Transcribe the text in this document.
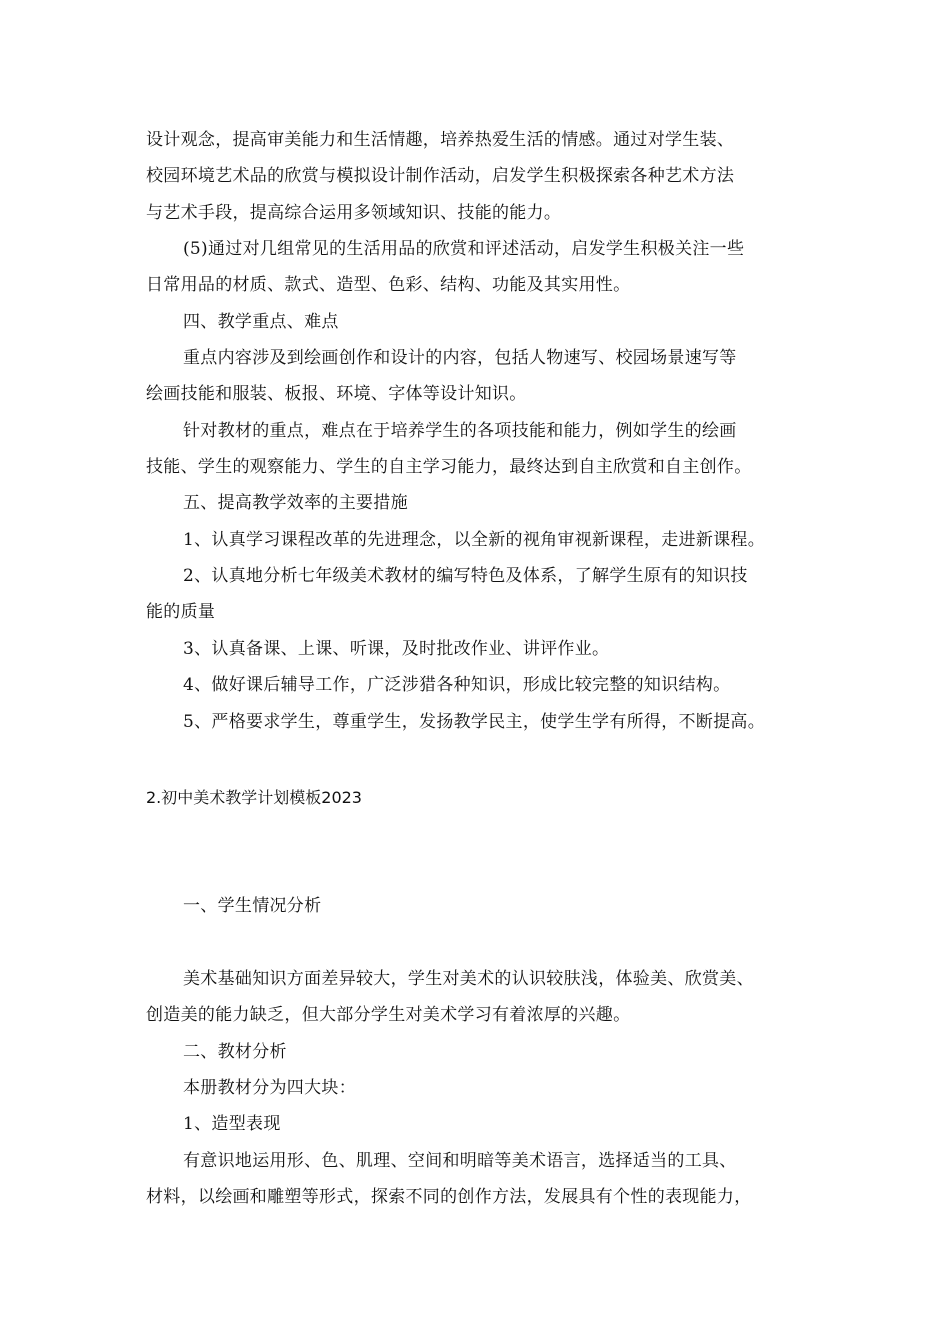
设计观念，提高审美能力和生活情趣，培养热爱生活的情感。通过对学生装、
校园环境艺术品的欣赏与模拟设计制作活动，启发学生积极探索各种艺术方法
与艺术手段，提高综合运用多领域知识、技能的能力。
(5)通过对几组常见的生活用品的欣赏和评述活动，启发学生积极关注一些
日常用品的材质、款式、造型、色彩、结构、功能及其实用性。
四、教学重点、难点
重点内容涉及到绘画创作和设计的内容，包括人物速写、校园场景速写等
绘画技能和服装、板报、环境、字体等设计知识。
针对教材的重点，难点在于培养学生的各项技能和能力，例如学生的绘画
技能、学生的观察能力、学生的自主学习能力，最终达到自主欣赏和自主创作。
五、提高教学效率的主要措施
1、认真学习课程改革的先进理念，以全新的视角审视新课程，走进新课程。
2、认真地分析七年级美术教材的编写特色及体系，了解学生原有的知识技
能的质量
3、认真备课、上课、听课，及时批改作业、讲评作业。
4、做好课后辅导工作，广泛涉猎各种知识，形成比较完整的知识结构。
5、严格要求学生，尊重学生，发扬教学民主，使学生学有所得，不断提高。
2.初中美术教学计划模板2023
一、学生情况分析
美术基础知识方面差异较大，学生对美术的认识较肤浅，体验美、欣赏美、
创造美的能力缺乏，但大部分学生对美术学习有着浓厚的兴趣。
二、教材分析
本册教材分为四大块：
1、造型表现
有意识地运用形、色、肌理、空间和明暗等美术语言，选择适当的工具、
材料，以绘画和雕塑等形式，探索不同的创作方法，发展具有个性的表现能力，
